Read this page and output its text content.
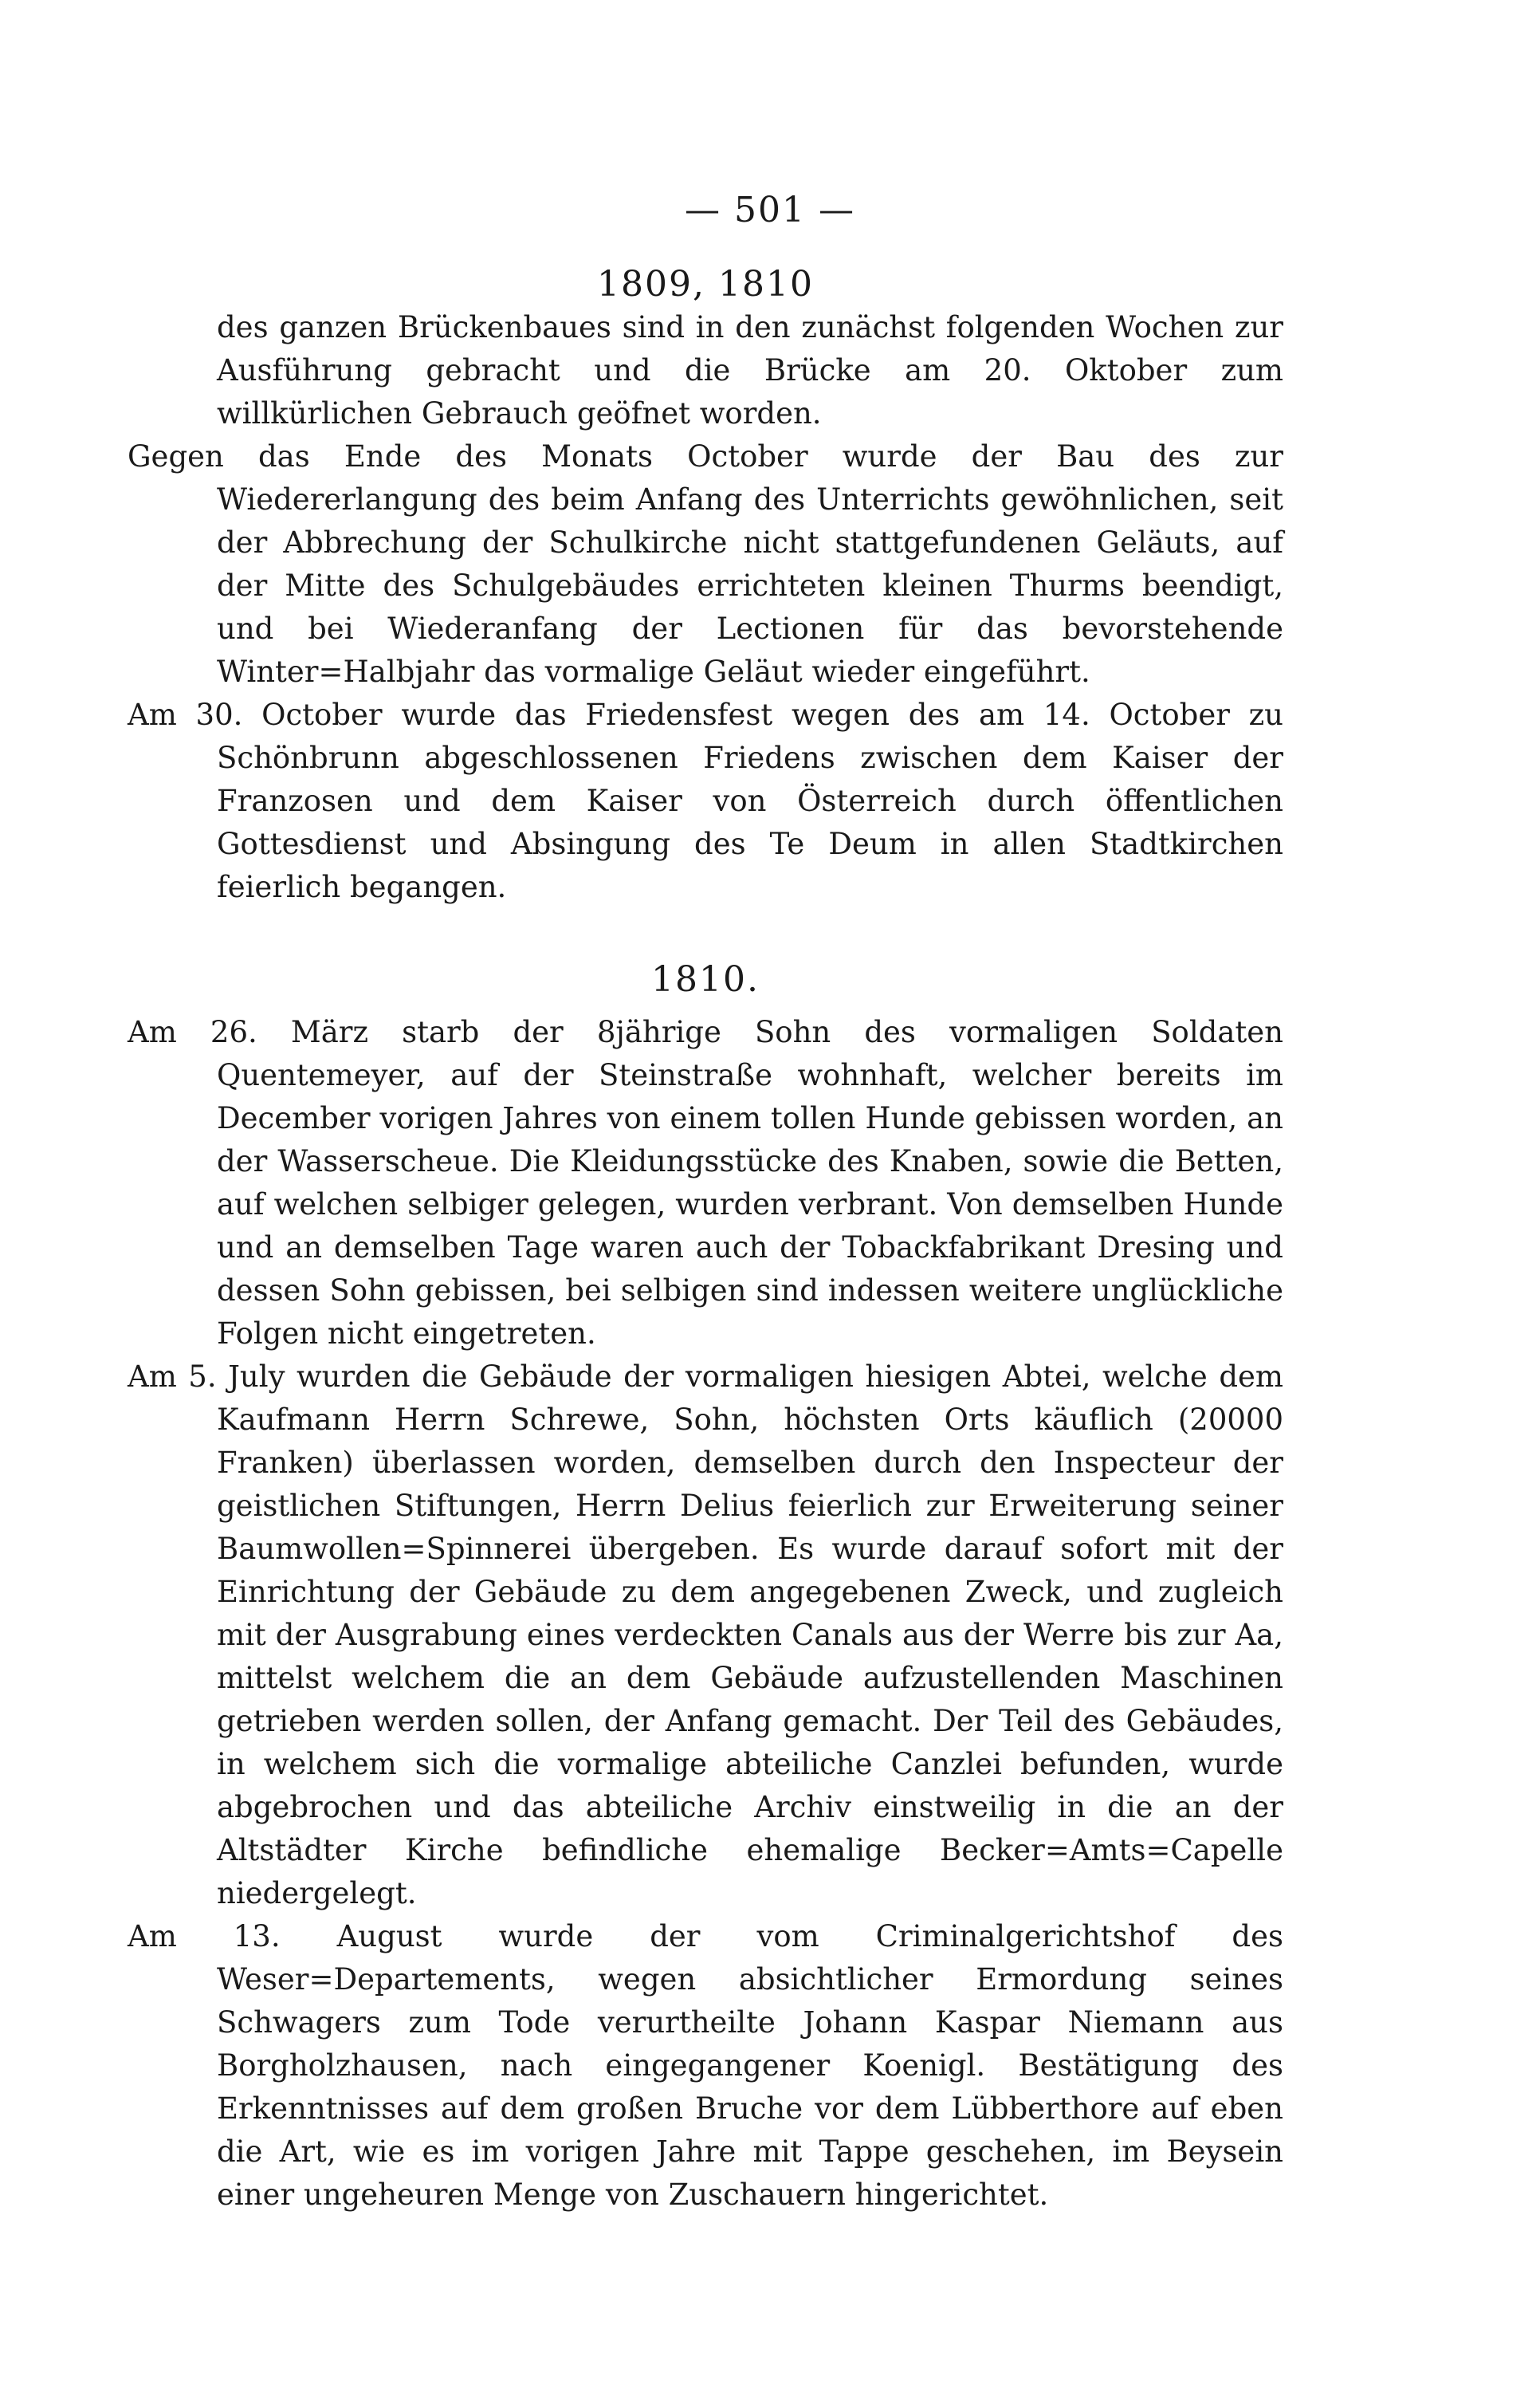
— 501 —
1809, 1810

des ganzen Brückenbaues sind in den zunächst folgenden Wochen zur Ausführung gebracht und die Brücke am 20. Oktober zum willkürlichen Gebrauch geöfnet worden.

Gegen das Ende des Monats October wurde der Bau des zur Wiedererlangung des beim Anfang des Unterrichts gewöhnlichen, seit der Abbrechung der Schulkirche nicht stattgefundenen Geläuts, auf der Mitte des Schulgebäudes errichteten kleinen Thurms beendigt, und bei Wiederanfang der Lectionen für das bevorstehende Winter=Halbjahr das vormalige Geläut wieder eingeführt.

Am 30. October wurde das Friedensfest wegen des am 14. October zu Schönbrunn abgeschlossenen Friedens zwischen dem Kaiser der Franzosen und dem Kaiser von Österreich durch öffentlichen Gottesdienst und Absingung des Te Deum in allen Stadtkirchen feierlich begangen.

1810.

Am 26. März starb der 8jährige Sohn des vormaligen Soldaten Quentemeyer, auf der Steinstraße wohnhaft, welcher bereits im December vorigen Jahres von einem tollen Hunde gebissen worden, an der Wasserscheue. Die Kleidungsstücke des Knaben, sowie die Betten, auf welchen selbiger gelegen, wurden verbrant. Von demselben Hunde und an demselben Tage waren auch der Tobackfabrikant Dresing und dessen Sohn gebissen, bei selbigen sind indessen weitere unglückliche Folgen nicht eingetreten.

Am 5. July wurden die Gebäude der vormaligen hiesigen Abtei, welche dem Kaufmann Herrn Schrewe, Sohn, höchsten Orts käuflich (20000 Franken) überlassen worden, demselben durch den Inspecteur der geistlichen Stiftungen, Herrn Delius feierlich zur Erweiterung seiner Baumwollen=Spinnerei übergeben. Es wurde darauf sofort mit der Einrichtung der Gebäude zu dem angegebenen Zweck, und zugleich mit der Ausgrabung eines verdeckten Canals aus der Werre bis zur Aa, mittelst welchem die an dem Gebäude aufzustellenden Maschinen getrieben werden sollen, der Anfang gemacht. Der Teil des Gebäudes, in welchem sich die vormalige abteiliche Canzlei befunden, wurde abgebrochen und das abteiliche Archiv einstweilig in die an der Altstädter Kirche befindliche ehemalige Becker=Amts=Capelle niedergelegt.

Am 13. August wurde der vom Criminalgerichtshof des Weser=Departements, wegen absichtlicher Ermordung seines Schwagers zum Tode verurtheilte Johann Kaspar Niemann aus Borgholzhausen, nach eingegangener Koenigl. Bestätigung des Erkenntnisses auf dem großen Bruche vor dem Lübberthore auf eben die Art, wie es im vorigen Jahre mit Tappe geschehen, im Beysein einer ungeheuren Menge von Zuschauern hingerichtet.
